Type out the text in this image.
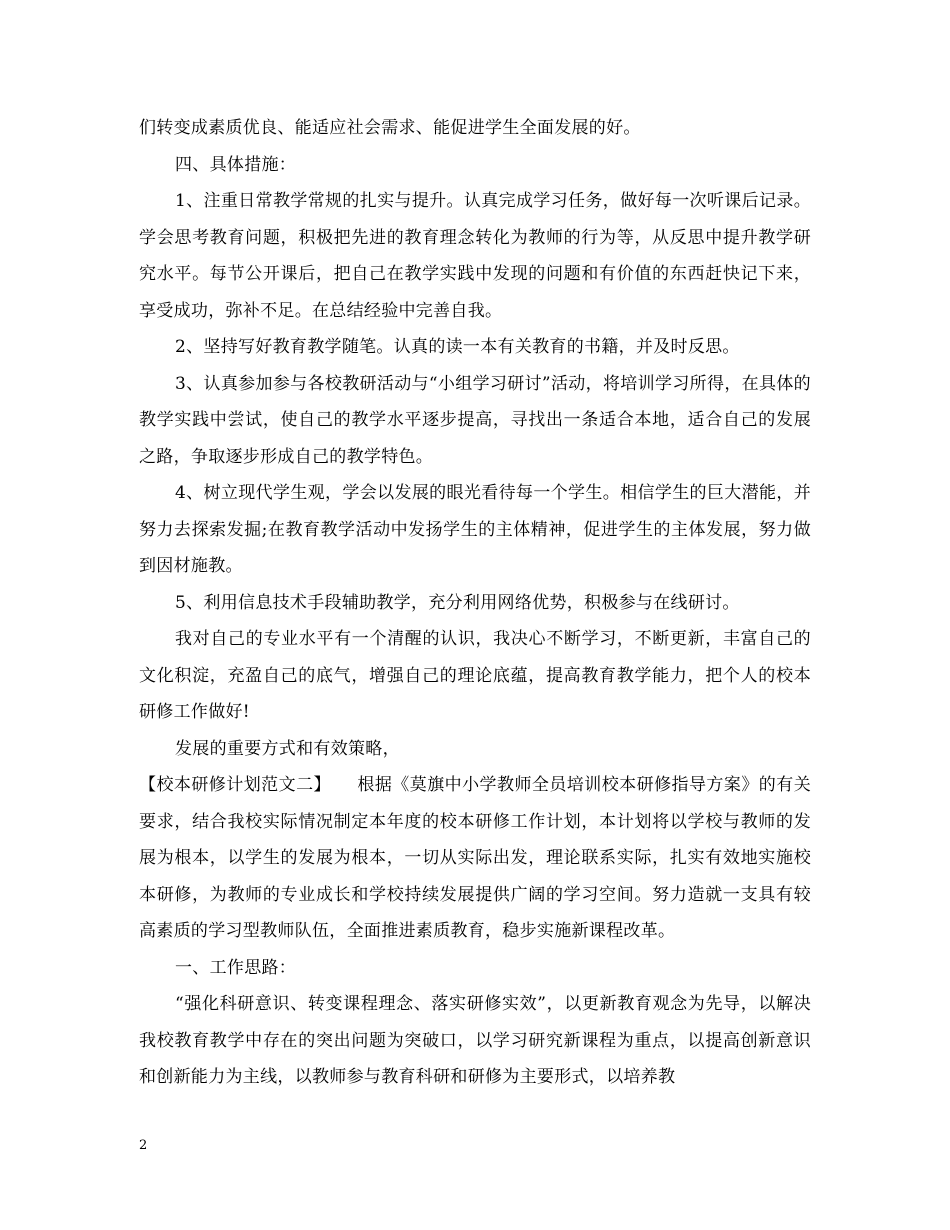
们转变成素质优良、能适应社会需求、能促进学生全面发展的好。

四、具体措施：

1、注重日常教学常规的扎实与提升。认真完成学习任务，做好每一次听课后记录。学会思考教育问题，积极把先进的教育理念转化为教师的行为等，从反思中提升教学研究水平。每节公开课后，把自己在教学实践中发现的问题和有价值的东西赶快记下来，享受成功，弥补不足。在总结经验中完善自我。

2、坚持写好教育教学随笔。认真的读一本有关教育的书籍，并及时反思。

3、认真参加参与各校教研活动与“小组学习研讨”活动，将培训学习所得，在具体的教学实践中尝试，使自己的教学水平逐步提高，寻找出一条适合本地，适合自己的发展之路，争取逐步形成自己的教学特色。

4、树立现代学生观，学会以发展的眼光看待每一个学生。相信学生的巨大潜能，并努力去探索发掘;在教育教学活动中发扬学生的主体精神，促进学生的主体发展，努力做到因材施教。

5、利用信息技术手段辅助教学，充分利用网络优势，积极参与在线研讨。

我对自己的专业水平有一个清醒的认识，我决心不断学习，不断更新，丰富自己的文化积淀，充盈自己的底气，增强自己的理论底蕴，提高教育教学能力，把个人的校本研修工作做好!

发展的重要方式和有效策略，

【校本研修计划范文二】　　根据《莫旗中小学教师全员培训校本研修指导方案》的有关要求，结合我校实际情况制定本年度的校本研修工作计划，本计划将以学校与教师的发展为根本，以学生的发展为根本，一切从实际出发，理论联系实际，扎实有效地实施校本研修，为教师的专业成长和学校持续发展提供广阔的学习空间。努力造就一支具有较高素质的学习型教师队伍，全面推进素质教育，稳步实施新课程改革。

一、工作思路：

“强化科研意识、转变课程理念、落实研修实效”，以更新教育观念为先导，以解决我校教育教学中存在的突出问题为突破口，以学习研究新课程为重点，以提高创新意识和创新能力为主线，以教师参与教育科研和研修为主要形式，以培养教

2
